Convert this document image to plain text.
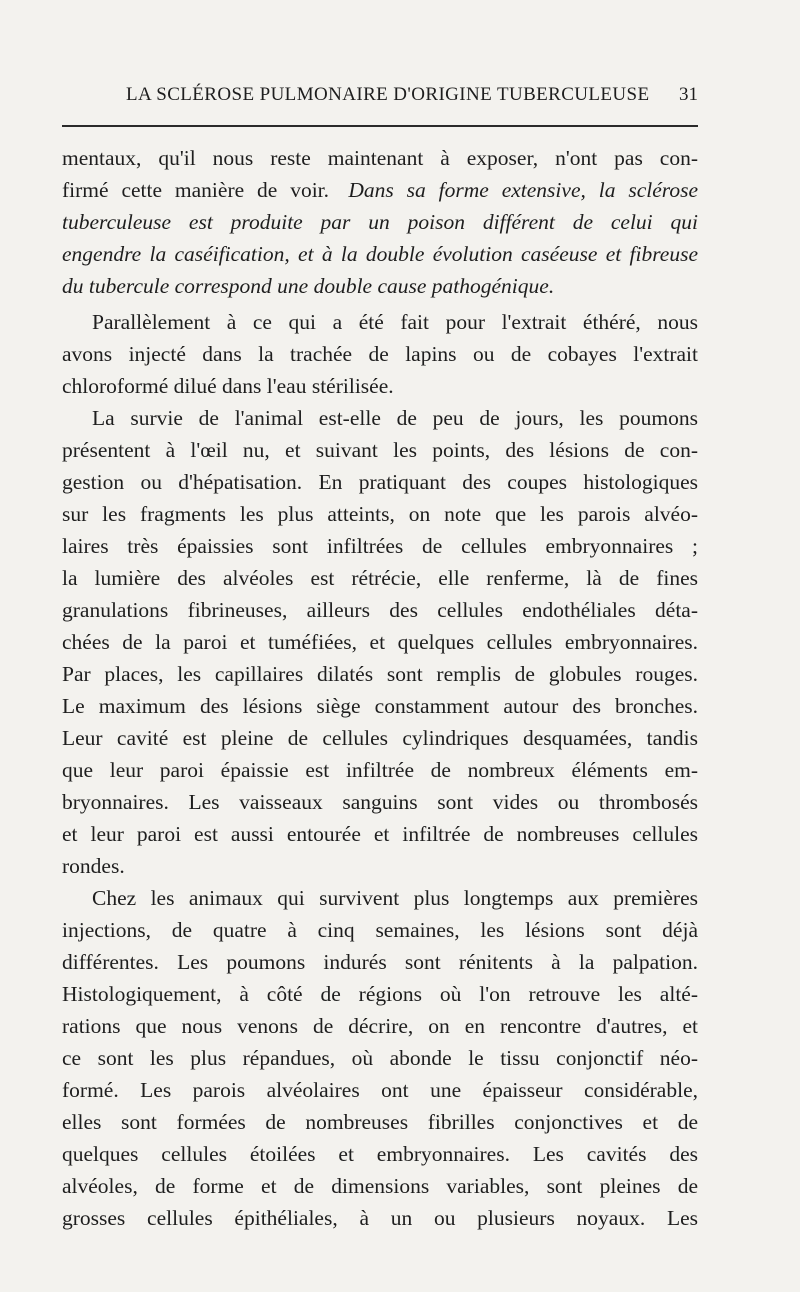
LA SCLÉROSE PULMONAIRE D'ORIGINE TUBERCULEUSE 31
mentaux, qu'il nous reste maintenant à exposer, n'ont pas con-
firmé cette manière de voir. Dans sa forme extensive, la sclérose
tuberculeuse est produite par un poison différent de celui qui
engendre la caséification, et à la double évolution caséeuse et fibreuse
du tubercule correspond une double cause pathogénique.
Parallèlement à ce qui a été fait pour l'extrait éthéré, nous
avons injecté dans la trachée de lapins ou de cobayes l'extrait
chloroformé dilué dans l'eau stérilisée.
La survie de l'animal est-elle de peu de jours, les poumons
présentent à l'œil nu, et suivant les points, des lésions de con-
gestion ou d'hépatisation. En pratiquant des coupes histologiques
sur les fragments les plus atteints, on note que les parois alvéo-
laires très épaissies sont infiltrées de cellules embryonnaires ;
la lumière des alvéoles est rétrécie, elle renferme, là de fines
granulations fibrineuses, ailleurs des cellules endothéliales déta-
chées de la paroi et tuméfiées, et quelques cellules embryonnaires.
Par places, les capillaires dilatés sont remplis de globules rouges.
Le maximum des lésions siège constamment autour des bronches.
Leur cavité est pleine de cellules cylindriques desquamées, tandis
que leur paroi épaissie est infiltrée de nombreux éléments em-
bryonnaires. Les vaisseaux sanguins sont vides ou thrombosés
et leur paroi est aussi entourée et infiltrée de nombreuses cellules
rondes.
Chez les animaux qui survivent plus longtemps aux premières
injections, de quatre à cinq semaines, les lésions sont déjà
différentes. Les poumons indurés sont rénitents à la palpation.
Histologiquement, à côté de régions où l'on retrouve les alté-
rations que nous venons de décrire, on en rencontre d'autres, et
ce sont les plus répandues, où abonde le tissu conjonctif néo-
formé. Les parois alvéolaires ont une épaisseur considérable,
elles sont formées de nombreuses fibrilles conjonctives et de
quelques cellules étoilées et embryonnaires. Les cavités des
alvéoles, de forme et de dimensions variables, sont pleines de
grosses cellules épithéliales, à un ou plusieurs noyaux. Les
